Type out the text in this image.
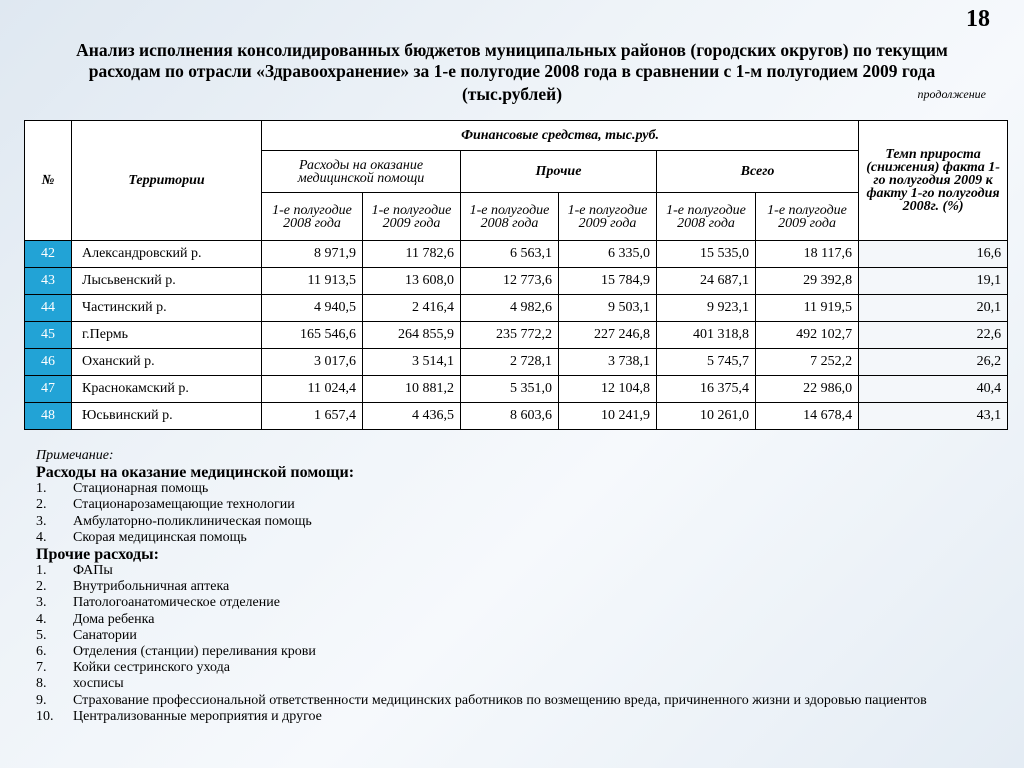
18
Анализ исполнения консолидированных бюджетов муниципальных районов (городских округов) по текущим
расходам по отрасли «Здравоохранение» за 1-е полугодие 2008 года в сравнении с 1-м полугодием 2009 года
(тыс.рублей)	продолжение
№	Территории	Финансовые средства, тыс.руб.						Темп прироста (снижения) факта 1-го полугодия 2009 к факту 1-го полугодия 2008г. (%)
		Расходы на оказание медицинской помощи		Прочие		Всего		
		1-е полугодие 2008 года	1-е полугодие 2009 года	1-е полугодие 2008 года	1-е полугодие 2009 года	1-е полугодие 2008 года	1-е полугодие 2009 года	
42	Александровский р.	8 971,9	11 782,6	6 563,1	6 335,0	15 535,0	18 117,6	16,6
43	Лысьвенский р.	11 913,5	13 608,0	12 773,6	15 784,9	24 687,1	29 392,8	19,1
44	Частинский р.	4 940,5	2 416,4	4 982,6	9 503,1	9 923,1	11 919,5	20,1
45	г.Пермь	165 546,6	264 855,9	235 772,2	227 246,8	401 318,8	492 102,7	22,6
46	Оханский р.	3 017,6	3 514,1	2 728,1	3 738,1	5 745,7	7 252,2	26,2
47	Краснокамский р.	11 024,4	10 881,2	5 351,0	12 104,8	16 375,4	22 986,0	40,4
48	Юсьвинский р.	1 657,4	4 436,5	8 603,6	10 241,9	10 261,0	14 678,4	43,1
Примечание:
Расходы на оказание медицинской помощи:
1.	Стационарная помощь
2.	Стационарозамещающие технологии
3.	Амбулаторно-поликлиническая помощь
4.	Скорая медицинская помощь
Прочие расходы:
1.	ФАПы
2.	Внутрибольничная аптека
3.	Патологоанатомическое отделение
4.	Дома ребенка
5.	Санатории
6.	Отделения (станции) переливания крови
7.	Койки сестринского ухода
8.	хосписы
9.	Страхование профессиональной ответственности медицинских работников по возмещению вреда, причиненного жизни и здоровью пациентов
10.	Централизованные мероприятия и другое
